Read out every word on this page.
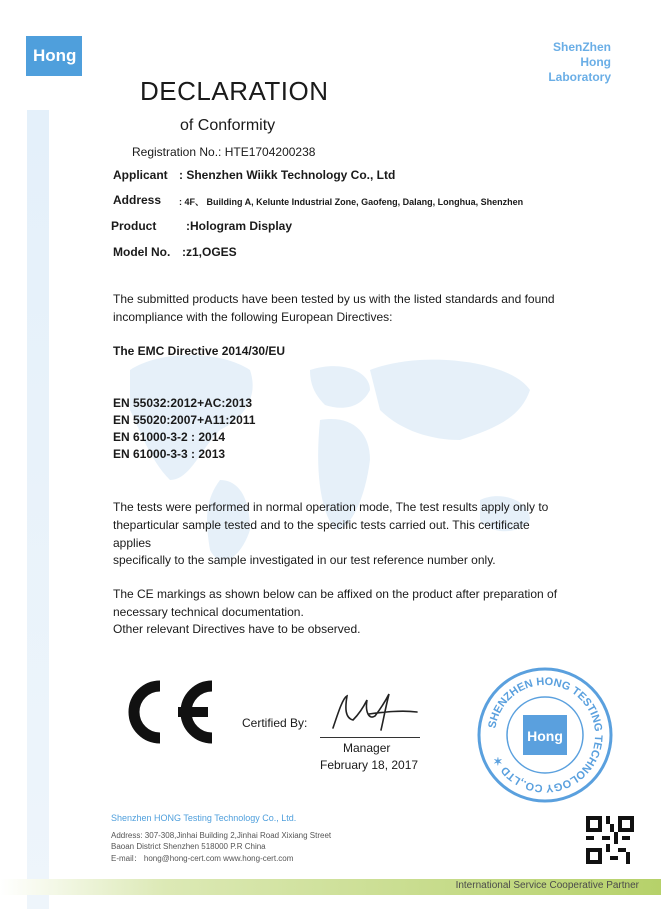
Hong	ShenZhen
Hong
Laboratory
DECLARATION
of Conformity
Registration No.: HTE1704200238
Applicant : Shenzhen Wiikk Technology Co., Ltd
Address : 4F、 Building A, Kelunte Industrial Zone, Gaofeng, Dalang, Longhua, Shenzhen
Product :Hologram Display
Model No. :z1,OGES
The submitted products have been tested by us with the listed standards and found
incompliance with the following European Directives:
The EMC Directive 2014/30/EU
EN 55032:2012+AC:2013
EN 55020:2007+A11:2011
EN 61000-3-2 : 2014
EN 61000-3-3 : 2013
The tests were performed in normal operation mode, The test results apply only to
theparticular sample tested and to the specific tests carried out. This certificate
applies
specifically to the sample investigated in our test reference number only.
The CE markings as shown below can be affixed on the product after preparation of
necessary technical documentation.
Other relevant Directives have to be observed.
Certified By:
Manager
February 18, 2017
SHENZHEN HONG TESTING TECHNOLOGY CO.,LTD ✶
Hong
Shenzhen HONG Testing Technology Co., Ltd.
Address: 307-308,Jinhai Building 2,Jinhai Road Xixiang Street
Baoan District Shenzhen 518000 P.R China
E-mail： hong@hong-cert.com www.hong-cert.com
International Service Cooperative Partner
